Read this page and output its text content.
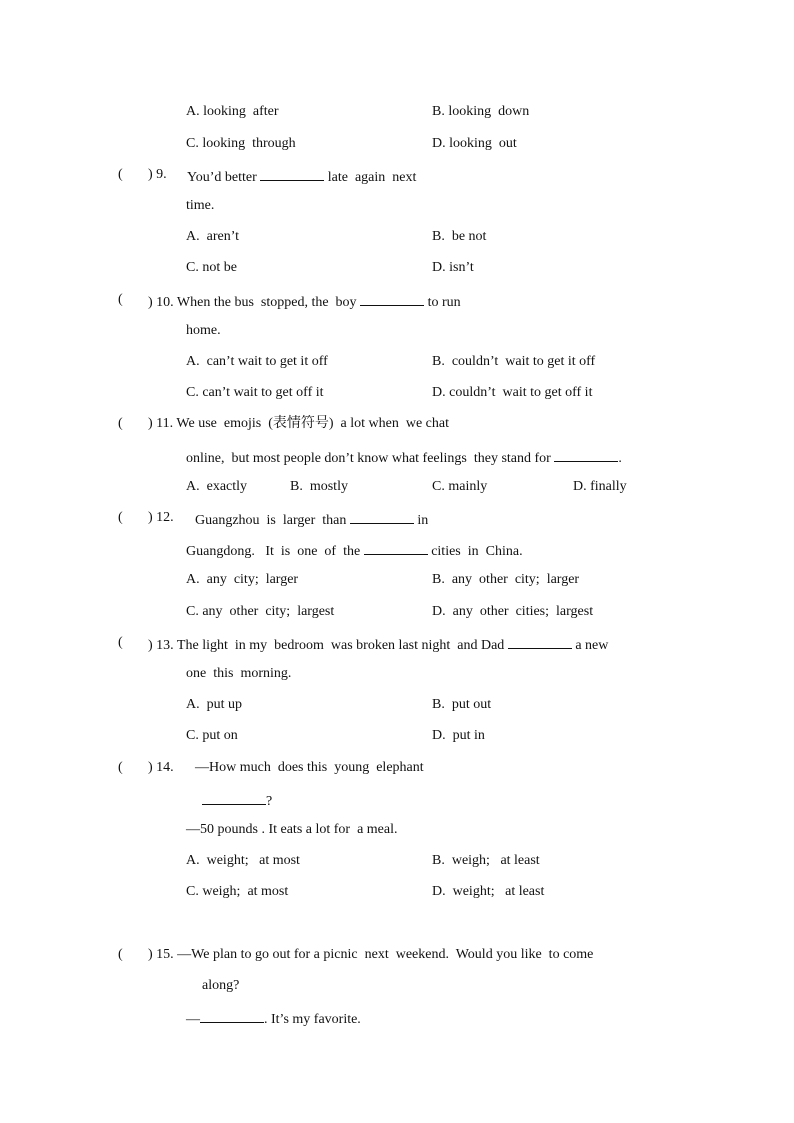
A. looking  after	B. looking  down
C. looking  through	D. looking  out
( ) 9. You’d better	late  again  next
time.
A.  aren’t	B.  be not
C. not be	D. isn’t
( ) 10. When the bus  stopped, the  boy	to run
home.
A.  can’t wait to get it off	B.  couldn’t  wait to get it off
C. can’t wait to get off it	D. couldn’t  wait to get off it
( ) 11. We use  emojis  (表情符号)  a lot when  we chat
online,  but most people don’t know what feelings  they stand for	.
A.  exactly	B.  mostly	C. mainly	D. finally
( ) 12. Guangzhou  is  larger  than	in
Guangdong.   It  is  one  of  the	cities  in  China.
A.  any  city;  larger	B.  any  other  city;  larger
C. any  other  city;  largest	D.  any  other  cities;  largest
( ) 13. The light  in my  bedroom  was broken last night  and Dad	a new
one  this  morning.
A.  put up	B.  put out
C. put on	D.  put in
( ) 14. —How much  does this  young  elephant
?
—50 pounds . It eats a lot for  a meal.
A.  weight;   at most	B.  weigh;   at least
C. weigh;  at most	D.  weight;   at least
( ) 15. —We plan to go out for a picnic  next  weekend.  Would you like  to come
along?
—	. It’s my favorite.
